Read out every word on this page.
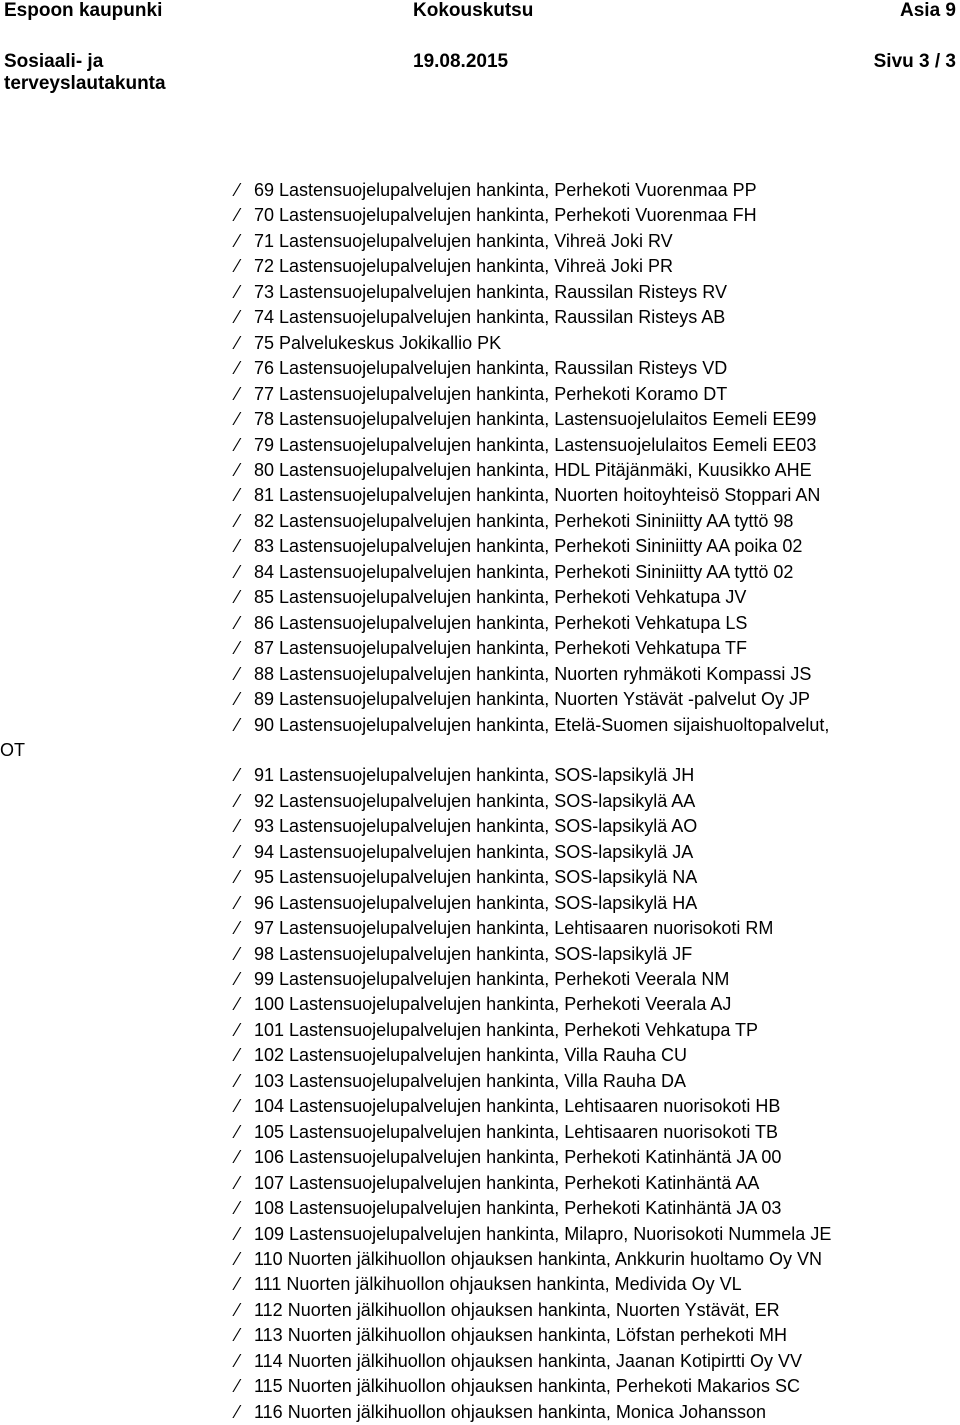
Espoon kaupunki	Kokouskutsu	Asia 9
Sosiaali- ja terveyslautakunta
19.08.2015	Sivu 3 / 3
⁄ 69 Lastensuojelupalvelujen hankinta, Perhekoti Vuorenmaa PP
⁄ 70 Lastensuojelupalvelujen hankinta, Perhekoti Vuorenmaa FH
⁄ 71 Lastensuojelupalvelujen hankinta, Vihreä Joki RV
⁄ 72 Lastensuojelupalvelujen hankinta, Vihreä Joki PR
⁄ 73 Lastensuojelupalvelujen hankinta, Raussilan Risteys RV
⁄ 74 Lastensuojelupalvelujen hankinta, Raussilan Risteys AB
⁄ 75 Palvelukeskus Jokikallio PK
⁄ 76 Lastensuojelupalvelujen hankinta, Raussilan Risteys VD
⁄ 77 Lastensuojelupalvelujen hankinta, Perhekoti Koramo DT
⁄ 78 Lastensuojelupalvelujen hankinta, Lastensuojelulaitos Eemeli EE99
⁄ 79 Lastensuojelupalvelujen hankinta, Lastensuojelulaitos Eemeli EE03
⁄ 80 Lastensuojelupalvelujen hankinta, HDL Pitäjänmäki, Kuusikko AHE
⁄ 81 Lastensuojelupalvelujen hankinta, Nuorten hoitoyhteisö Stoppari AN
⁄ 82 Lastensuojelupalvelujen hankinta, Perhekoti Sininiitty AA tyttö 98
⁄ 83 Lastensuojelupalvelujen hankinta, Perhekoti Sininiitty AA poika 02
⁄ 84 Lastensuojelupalvelujen hankinta, Perhekoti Sininiitty AA tyttö 02
⁄ 85 Lastensuojelupalvelujen hankinta, Perhekoti Vehkatupa JV
⁄ 86 Lastensuojelupalvelujen hankinta, Perhekoti Vehkatupa LS
⁄ 87 Lastensuojelupalvelujen hankinta, Perhekoti Vehkatupa TF
⁄ 88 Lastensuojelupalvelujen hankinta, Nuorten ryhmäkoti Kompassi JS
⁄ 89 Lastensuojelupalvelujen hankinta, Nuorten Ystävät -palvelut Oy JP
⁄ 90 Lastensuojelupalvelujen hankinta, Etelä-Suomen sijaishuoltopalvelut,
OT
⁄ 91 Lastensuojelupalvelujen hankinta, SOS-lapsikylä JH
⁄ 92 Lastensuojelupalvelujen hankinta, SOS-lapsikylä AA
⁄ 93 Lastensuojelupalvelujen hankinta, SOS-lapsikylä AO
⁄ 94 Lastensuojelupalvelujen hankinta, SOS-lapsikylä JA
⁄ 95 Lastensuojelupalvelujen hankinta, SOS-lapsikylä NA
⁄ 96 Lastensuojelupalvelujen hankinta, SOS-lapsikylä HA
⁄ 97 Lastensuojelupalvelujen hankinta, Lehtisaaren nuorisokoti RM
⁄ 98 Lastensuojelupalvelujen hankinta, SOS-lapsikylä JF
⁄ 99 Lastensuojelupalvelujen hankinta, Perhekoti Veerala NM
⁄ 100 Lastensuojelupalvelujen hankinta, Perhekoti Veerala AJ
⁄ 101 Lastensuojelupalvelujen hankinta, Perhekoti Vehkatupa TP
⁄ 102 Lastensuojelupalvelujen hankinta, Villa Rauha CU
⁄ 103 Lastensuojelupalvelujen hankinta, Villa Rauha DA
⁄ 104 Lastensuojelupalvelujen hankinta, Lehtisaaren nuorisokoti HB
⁄ 105 Lastensuojelupalvelujen hankinta, Lehtisaaren nuorisokoti TB
⁄ 106 Lastensuojelupalvelujen hankinta, Perhekoti Katinhäntä JA 00
⁄ 107 Lastensuojelupalvelujen hankinta, Perhekoti Katinhäntä AA
⁄ 108 Lastensuojelupalvelujen hankinta, Perhekoti Katinhäntä JA 03
⁄ 109 Lastensuojelupalvelujen hankinta, Milapro, Nuorisokoti Nummela JE
⁄ 110 Nuorten jälkihuollon ohjauksen hankinta, Ankkurin huoltamo Oy VN
⁄ 111 Nuorten jälkihuollon ohjauksen hankinta, Medivida Oy VL
⁄ 112 Nuorten jälkihuollon ohjauksen hankinta, Nuorten Ystävät, ER
⁄ 113 Nuorten jälkihuollon ohjauksen hankinta, Löfstan perhekoti MH
⁄ 114 Nuorten jälkihuollon ohjauksen hankinta, Jaanan Kotipirtti Oy VV
⁄ 115 Nuorten jälkihuollon ohjauksen hankinta, Perhekoti Makarios SC
⁄ 116 Nuorten jälkihuollon ohjauksen hankinta, Monica Johansson
